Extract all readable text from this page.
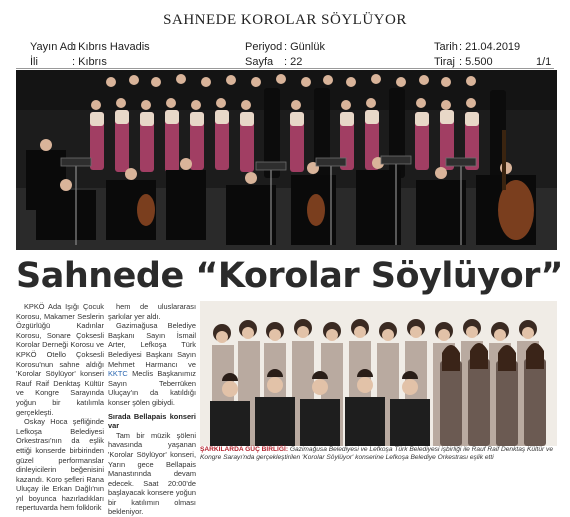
SAHNEDE KOROLAR SÖYLÜYOR
Yayın Adı
: Kıbrıs Havadis
İli	: Kıbrıs
Periyod : Günlük
Sayfa : 22
Tarih : 21.04.2019
Tiraj : 5.500	1/1
Sahnede “Korolar Söylüyor”

KPKÖ Ada Işığı Çocuk Korosu, Makamer Seslerin Özgürlüğü Kadınlar Korosu, Sonare Çoksesli Korolar Derneği Korosu ve KPKÖ Otello Çoksesli Korosu'nun sahne aldığı 'Korolar Söylüyor' konseri Rauf Raif Denktaş Kültür ve Kongre Sarayında yoğun bir katılımla gerçekleşti.

Oskay Hoca şefliğinde Lefkoşa Belediyesi Orkestrası'nın da eşlik ettiği konserde birbirinden güzel performanslar dinleyicilerin beğenisini kazandı. Koro şefleri Rana Uluçay ile Erkan Dağlı'nın yıl boyunca hazırladıkları repertuvarda hem folklorik

hem de uluslararası şarkılar yer aldı.

Gazimağusa Belediye Başkanı Sayın İsmail Arter, Lefkoşa Türk Belediyesi Başkanı Sayın Mehmet Harmancı ve KKTC Meclis Başkanımız Sayın Teberrüken Uluçay'ın da katıldığı konser şölen gibiydi.

Sırada Bellapais konseri var

Tam bir müzik şöleni havasında yaşanan 'Korolar Söylüyor' konseri, Yarın gece Bellapais Manastırında devam edecek. Saat 20:00'de başlayacak konsere yoğun bir katılımın olması bekleniyor.

ŞARKILARDA GÜÇ BİRLİĞİ: Gazimağusa Belediyesi ve Lefkoşa Türk Belediyesi işbirliği ile Rauf Raif Denktaş Kültür ve Kongre Sarayı'nda gerçekleştirilen 'Korolar Söylüyor' konserine Lefkoşa Belediye Orkestrası eşlik etti
